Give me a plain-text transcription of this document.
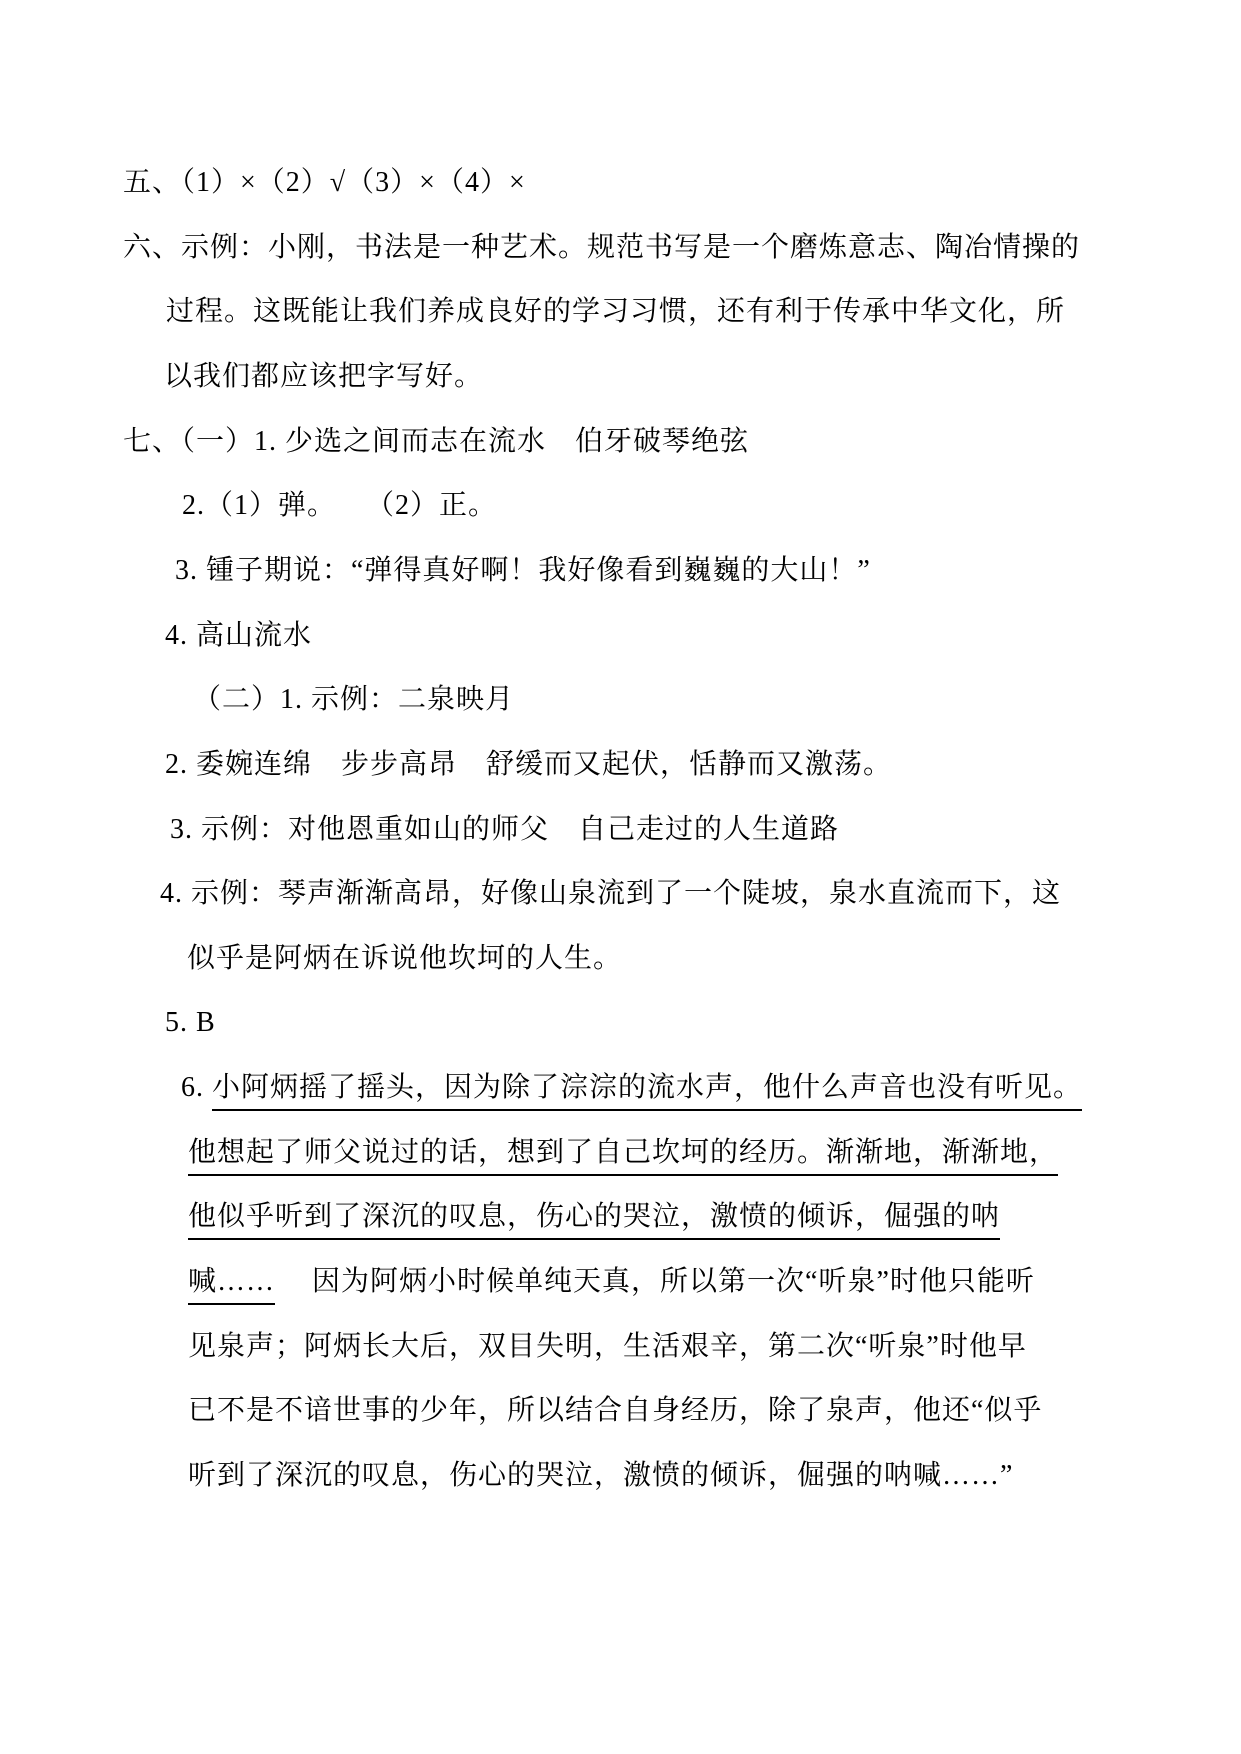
五、（1）×（2）√（3）×（4）×
六、示例：小刚，书法是一种艺术。规范书写是一个磨炼意志、陶冶情操的
过程。这既能让我们养成良好的学习习惯，还有利于传承中华文化，所
以我们都应该把字写好。
七、（一）1. 少选之间而志在流水　伯牙破琴绝弦
2.（1）弹。　　（2）正。
3. 锺子期说：“弹得真好啊！我好像看到巍巍的大山！”
4. 高山流水
（二）1. 示例：二泉映月
2. 委婉连绵　步步高昂　舒缓而又起伏，恬静而又激荡。
3. 示例：对他恩重如山的师父　自己走过的人生道路
4. 示例：琴声渐渐高昂，好像山泉流到了一个陡坡，泉水直流而下，这
似乎是阿炳在诉说他坎坷的人生。
5. B
6. 小阿炳摇了摇头，因为除了淙淙的流水声，他什么声音也没有听见。
他想起了师父说过的话，想到了自己坎坷的经历。渐渐地，渐渐地，
他似乎听到了深沉的叹息，伤心的哭泣，激愤的倾诉，倔强的呐
喊……　 因为阿炳小时候单纯天真，所以第一次“听泉”时他只能听
见泉声；阿炳长大后，双目失明，生活艰辛，第二次“听泉”时他早
已不是不谙世事的少年，所以结合自身经历，除了泉声，他还“似乎
听到了深沉的叹息，伤心的哭泣，激愤的倾诉，倔强的呐喊……”
